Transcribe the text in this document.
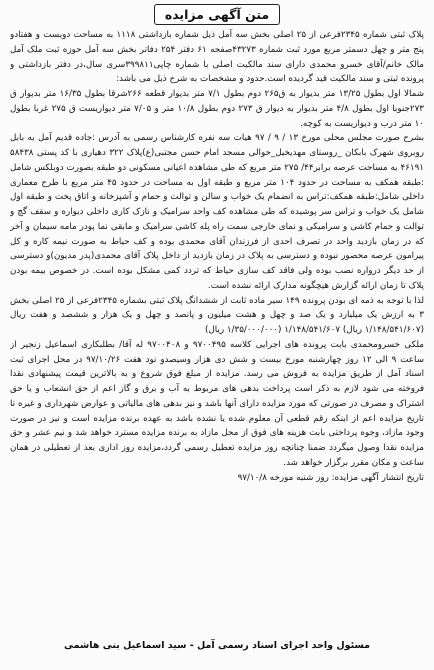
متن آگهی مزایده

پلاک ثبتی شماره ۲۳۴۵فرعی از ۲۵ اصلی بخش سه آمل ذیل شماره بازداشتی ۱۱۱۸ به مساحت دویست و هفتادو پنج متر و چهل دسمتر مربع مورد ثبت شماره ۴۳۲۷۳صفحه ۶۱ دفتر ۲۵۴ دفاتر بخش سه آمل حوزه ثبت ملک آمل مالک خانم/آقای خسرو محمدی دارای سند مالکیت اصلی با شماره چاپی۳۹۹۸۱۱سری سال،در دفتر بازداشتی و پرونده ثبتی و سند مالکیت قید گردیده است.حدود و مشخصات به شرح ذیل می باشد:

شمالا اول بطول ۱۳/۲۵ متر بدیوار به ق۲۶۵ دوم بطول ۷/۱ متر بدیوار قطعه ۲۶۶شرقا بطول ۱۶/۳۵ متر بدیوار ق ۲۷۳جنوبا اول بطول ۴/۸ متر بدیوار به دیوار ق ۲۷۳ دوم بطول ۱۰/۸ متر و ۷/۰۵ متر دیواریست ق ۲۷۵ غربا بطول ۱۰ متر درب و دیواریست به کوچه.

بشرح صورت مجلس محلی مورخ ۱۳ / ۹ / ۹۷ هیات سه نفره کارشناس رسمی به آدرس :جاده قدیم آمل به بابل روبروی شهرک بابکان _روستای مهدیخیل_حوالی مسجد امام حسن مجتبی(ع)پلاک ۳۲۲ دهیاری با کد پستی ۵۸۴۳۸ ۴۶۱۹۱ به مساحت عرصه برابر۴۴/ ۲۷۵ متر مربع که طی مشاهده اعیانی مسکونی دو طبقه بصورت دوبلکس شامل :طبقه همکف به مساحت در حدود ۱۰۴ متر مربع و طبقه اول به مساحت در حدود ۴۵ متر مربع با طرح معماری داخلی شامل:طبقه همکف:تراس به انضمام یک خواب و سالن و توالت و حمام و آشپزخانه و اتاق پخت و طبقه اول شامل یک خواب و تراس سر پوشیده که طی مشاهده کف واحد سرامیک و نازک کاری داخلی دیواره و سقف گچ و توالت و حمام کاشی و سرامیکی و نمای خارجی سمت راه پله کاشی سرامیک و مابقی نما پودر مامه سیمان و آخر که در زمان بازدید واحد در تصرف احدی از فرزندان آقای محمدی بوده و کف حیاط به صورت نیمه کاره و کل پیرامون عرصه محصور نبوده و دسترسی به پلاک در زمان بازدید از داخل پلاک آقای محمدی(پدر مدیون)و دسترسی از حد دیگر درواره نصب بوده ولی فاقد کف سازی حیاط که تردد کمی مشکل بوده است. در خصوص بیمه بودن پلاک تا زمان ارائه گزارش هیچگونه مدارک ارائه نشده است.

لذا با توجه به ذمه ای بودن پرونده ۱۴۹ سیر ماده ثابت از ششدانگ پلاک ثبتی بشماره ۲۳۴۵فرعی از ۲۵ اصلی بخش ۳ به ارزش یک میلیارد و یک صد و چهل و هشت میلیون و پانصد و چهل و یک هزار و ششصد و هفت ریال (۱/۱۴۸/۵۴۱/۶۰۷ ریال) ۱/۱۴۸/۵۴۱/۶۰۷ (۱/۳۵/۰۰۰/۰۰۰ ریال)

ملکی خسرومحمدی بابت پرونده های اجرایی کلاسه ۹۷۰۰۴۹۵ و ۹۷۰۰۴۰۸ له آقا/ بطلبکاری اسماعیل زنجیر از ساعت ۹ الی ۱۲ روز چهارشنبه مورخ بیست و شش دی هزار وسیصدو نود هفت ۹۷/۱۰/۲۶ در محل اجرای ثبت اسناد آمل از طریق مزایده به فروش می رسد. مزایده از مبلغ فوق شروع و به بالاترین قیمت پیشنهادی نقدا فروخته می شود لازم به ذکر است پرداخت بدهی های مربوط به آب و برق و گاز اعم از حق انشعاب و یا حق اشتراک و مصرف در صورتی که مورد مزایده دارای آنها باشد و نیز بدهی های مالیاتی و عوارض شهرداری و غیره تا تاریخ مزایده اعم از اینکه رقم قطعی آن معلوم شده یا نشده باشد به عهده برنده مزایده است و نیز در صورت وجود مازاد، وجوه پرداختی بابت هزینه های فوق از محل مازاد به برنده مزایده مسترد خواهد شد و نیم عشر و حق مزایده نقدا وصول میگردد ضمنا چنانچه روز مزایده تعطیل رسمی گردد،مزایده روز اداری بعد از تعطیلی در همان ساعت و مکان مقرر برگزار خواهد شد.

تاریخ انتشار آگهی مزایده: روز شنبه مورخه ۹۷/۱۰/۸

مسئول واحد اجرای اسناد رسمی آمل - سید اسماعیل بنی هاشمی
